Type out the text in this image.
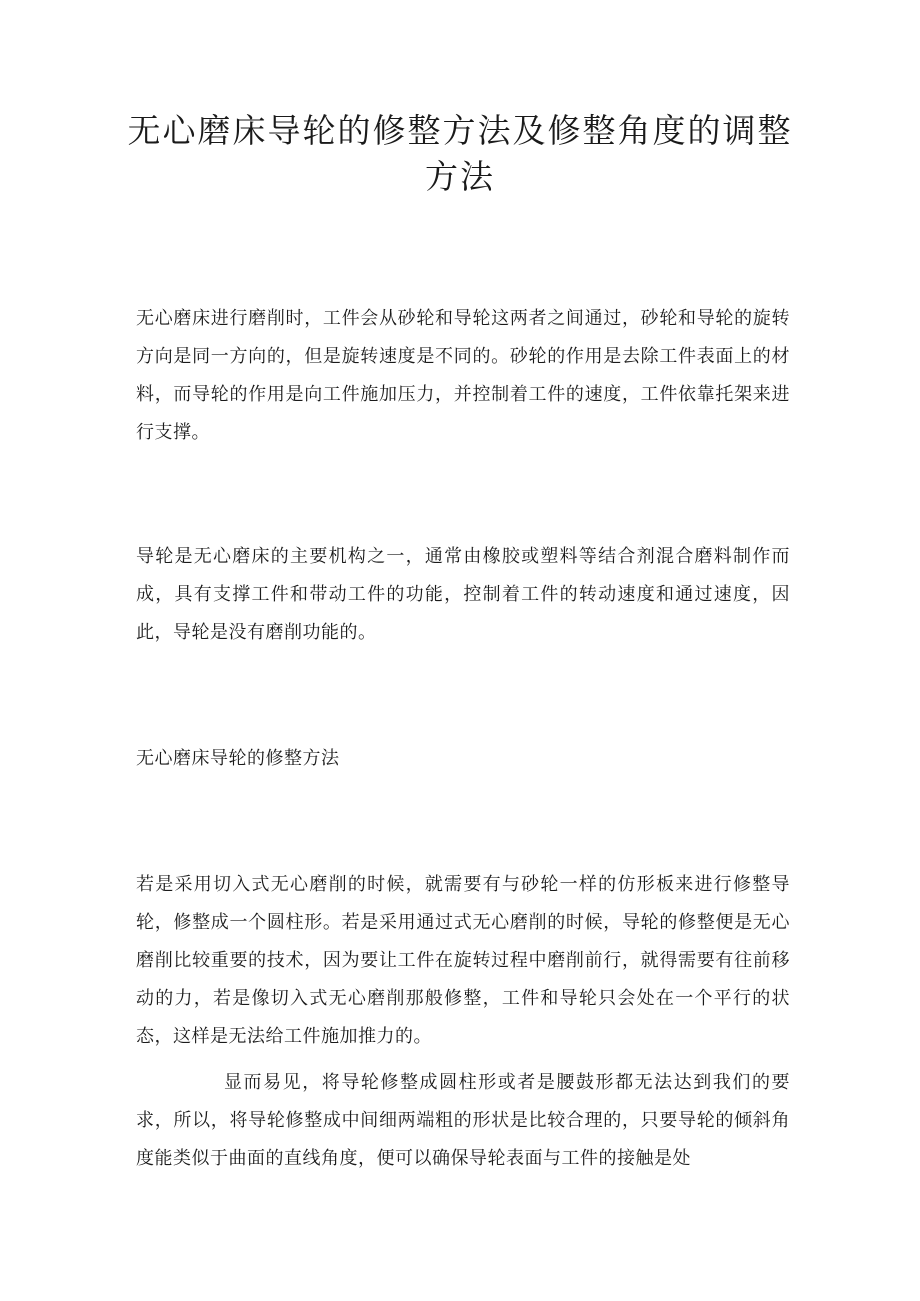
无心磨床导轮的修整方法及修整角度的调整方法

无心磨床进行磨削时，工件会从砂轮和导轮这两者之间通过，砂轮和导轮的旋转方向是同一方向的，但是旋转速度是不同的。砂轮的作用是去除工件表面上的材料，而导轮的作用是向工件施加压力，并控制着工件的速度，工件依靠托架来进行支撑。

导轮是无心磨床的主要机构之一，通常由橡胶或塑料等结合剂混合磨料制作而成，具有支撑工件和带动工件的功能，控制着工件的转动速度和通过速度，因此，导轮是没有磨削功能的。

无心磨床导轮的修整方法

若是采用切入式无心磨削的时候，就需要有与砂轮一样的仿形板来进行修整导轮，修整成一个圆柱形。若是采用通过式无心磨削的时候，导轮的修整便是无心磨削比较重要的技术，因为要让工件在旋转过程中磨削前行，就得需要有往前移动的力，若是像切入式无心磨削那般修整，工件和导轮只会处在一个平行的状态，这样是无法给工件施加推力的。

显而易见，将导轮修整成圆柱形或者是腰鼓形都无法达到我们的要求，所以，将导轮修整成中间细两端粗的形状是比较合理的，只要导轮的倾斜角度能类似于曲面的直线角度，便可以确保导轮表面与工件的接触是处
